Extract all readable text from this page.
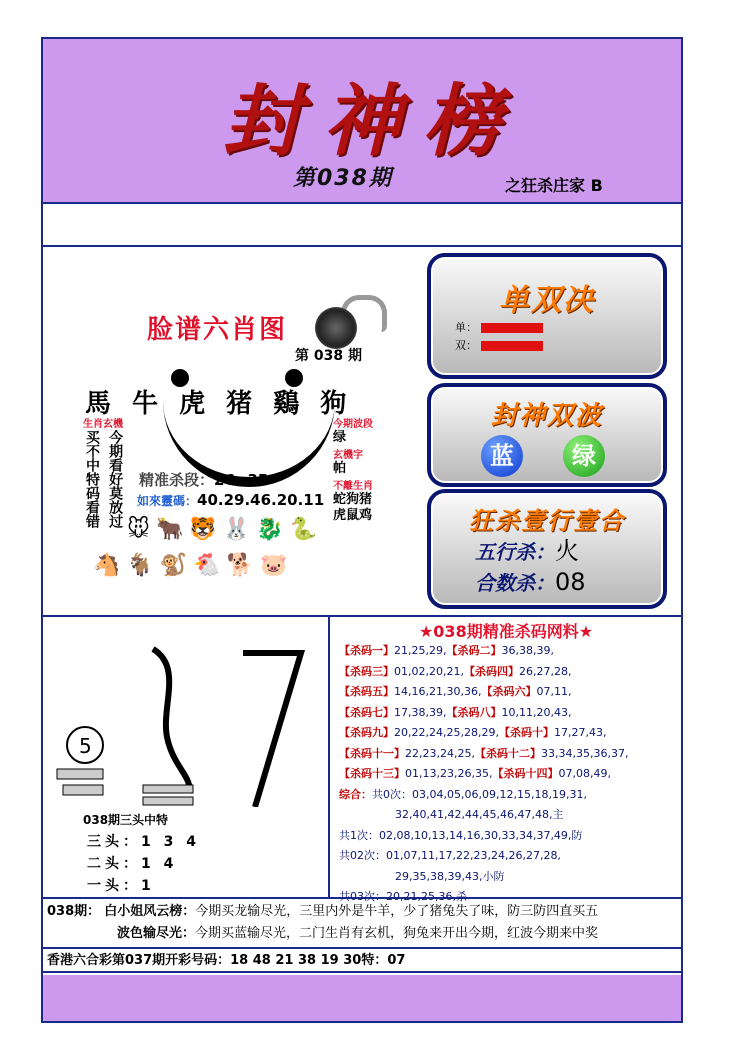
封神榜
第038期	之狂杀庄家 B
脸谱六肖图
第 038 期
馬 牛 虎 猪 鷄 狗
生肖玄機
买不中特码看错 今期看好莫放过
今期波段
绿
玄機字
帕
不離生肖
蛇狗猪虎鼠鸡
精准杀段：26--35
如來靈碼：40.29.46.20.11
🐭🐂🐯🐰🐉🐍
🐴🐐🐒🐔🐕🐷
单双决
单：
双：
封神双波
蓝	绿
狂杀壹行壹合
五行杀：火
合数杀：08
5
038期三头中特
三头：1 3 4
二头：1 4
一头：1
★038期精准杀码网料★
【杀码一】21,25,29,【杀码二】36,38,39,
【杀码三】01,02,20,21,【杀码四】26,27,28,
【杀码五】14,16,21,30,36,【杀码六】07,11,
【杀码七】17,38,39,【杀码八】10,11,20,43,
【杀码九】20,22,24,25,28,29,【杀码十】17,27,43,
【杀码十一】22,23,24,25,【杀码十二】33,34,35,36,37,
【杀码十三】01,13,23,26,35,【杀码十四】07,08,49,
综合：共0次：03,04,05,06,09,12,15,18,19,31,
32,40,41,42,44,45,46,47,48,主
共1次：02,08,10,13,14,16,30,33,34,37,49,防
共02次：01,07,11,17,22,23,24,26,27,28,
29,35,38,39,43,小防
共03次：20,21,25,36,杀
038期： 白小姐风云榜：今期买龙输尽光，三里内外是牛羊，少了猪兔失了味，防三防四直买五
波色输尽光：今期买蓝输尽光，二门生肖有玄机，狗兔来开出今期，红波今期来中奖
香港六合彩第037期开彩号码：18 48 21 38 19 30特：07
